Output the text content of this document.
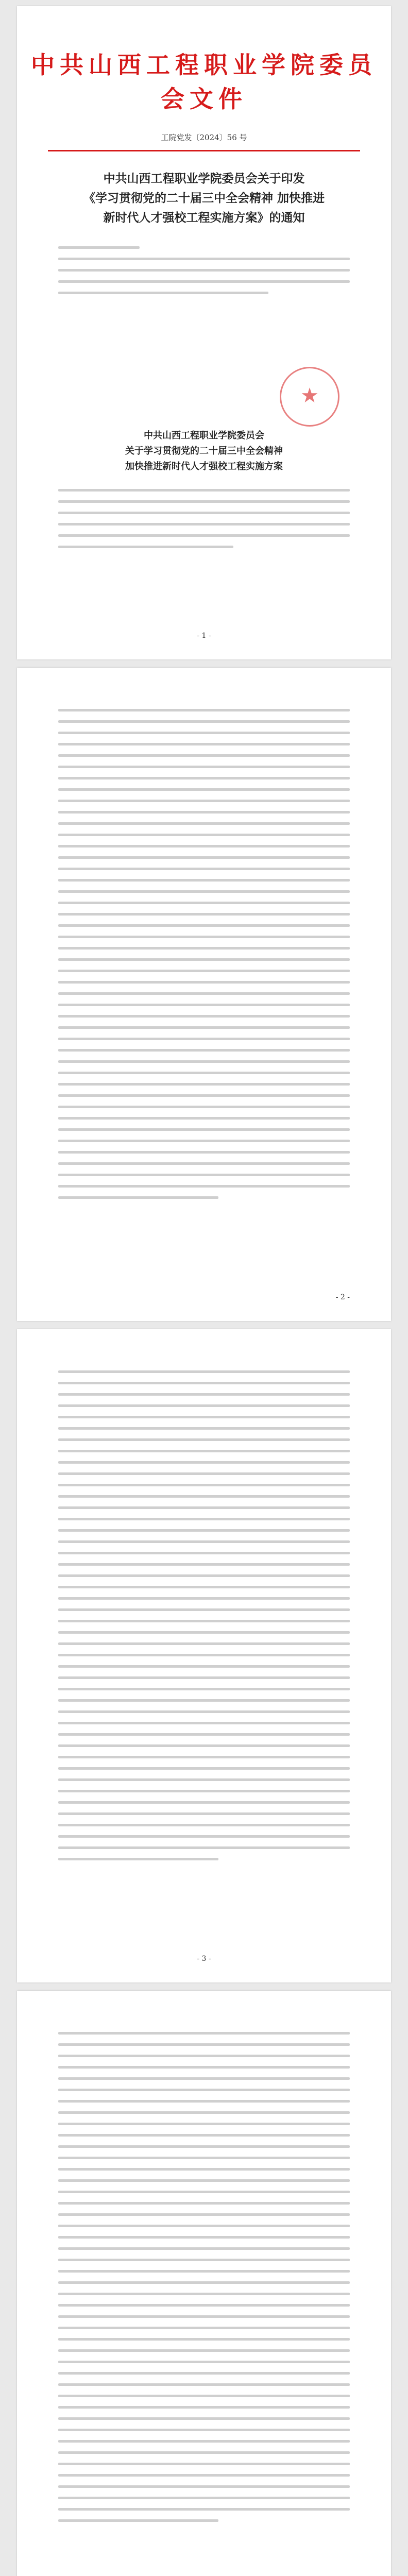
中共山西工程职业学院委员会文件
工院党发〔2024〕56 号
中共山西工程职业学院委员会关于印发
《学习贯彻党的二十届三中全会精神 加快推进
新时代人才强校工程实施方案》的通知
★
中共山西工程职业学院委员会
关于学习贯彻党的二十届三中全会精神
加快推进新时代人才强校工程实施方案
- 1 -
- 2 -
- 3 -
